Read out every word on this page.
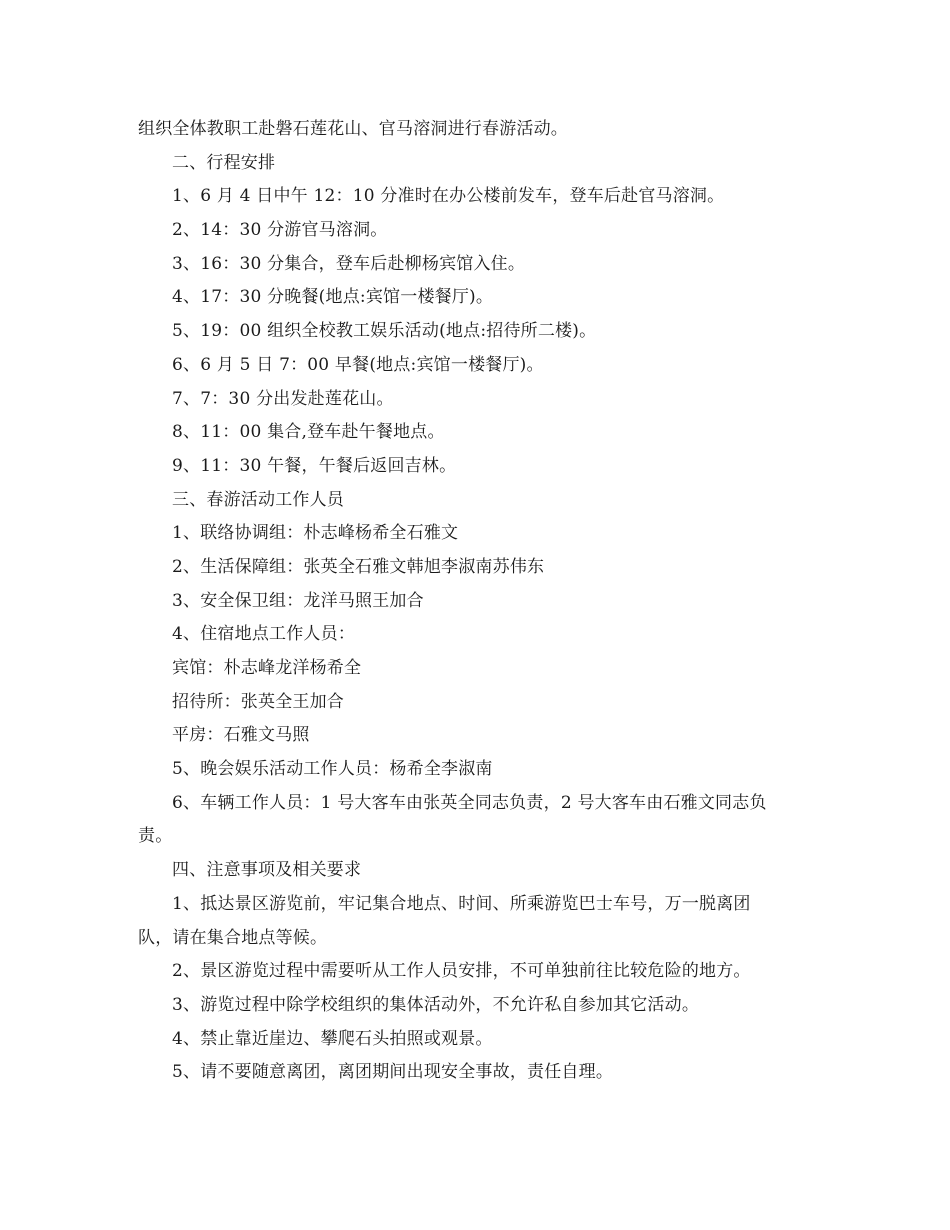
组织全体教职工赴磐石莲花山、官马溶洞进行春游活动。
二、行程安排
1、6 月 4 日中午 12：10 分准时在办公楼前发车，登车后赴官马溶洞。
2、14：30 分游官马溶洞。
3、16：30 分集合，登车后赴柳杨宾馆入住。
4、17：30 分晚餐(地点:宾馆一楼餐厅)。
5、19：00 组织全校教工娱乐活动(地点:招待所二楼)。
6、6 月 5 日 7：00 早餐(地点:宾馆一楼餐厅)。
7、7：30 分出发赴莲花山。
8、11：00 集合,登车赴午餐地点。
9、11：30 午餐，午餐后返回吉林。
三、春游活动工作人员
1、联络协调组：朴志峰杨希全石雅文
2、生活保障组：张英全石雅文韩旭李淑南苏伟东
3、安全保卫组：龙洋马照王加合
4、住宿地点工作人员：
宾馆：朴志峰龙洋杨希全
招待所：张英全王加合
平房：石雅文马照
5、晚会娱乐活动工作人员：杨希全李淑南
6、车辆工作人员：1 号大客车由张英全同志负责，2 号大客车由石雅文同志负
责。
四、注意事项及相关要求
1、抵达景区游览前，牢记集合地点、时间、所乘游览巴士车号，万一脱离团
队，请在集合地点等候。
2、景区游览过程中需要听从工作人员安排，不可单独前往比较危险的地方。
3、游览过程中除学校组织的集体活动外，不允许私自参加其它活动。
4、禁止靠近崖边、攀爬石头拍照或观景。
5、请不要随意离团，离团期间出现安全事故，责任自理。
